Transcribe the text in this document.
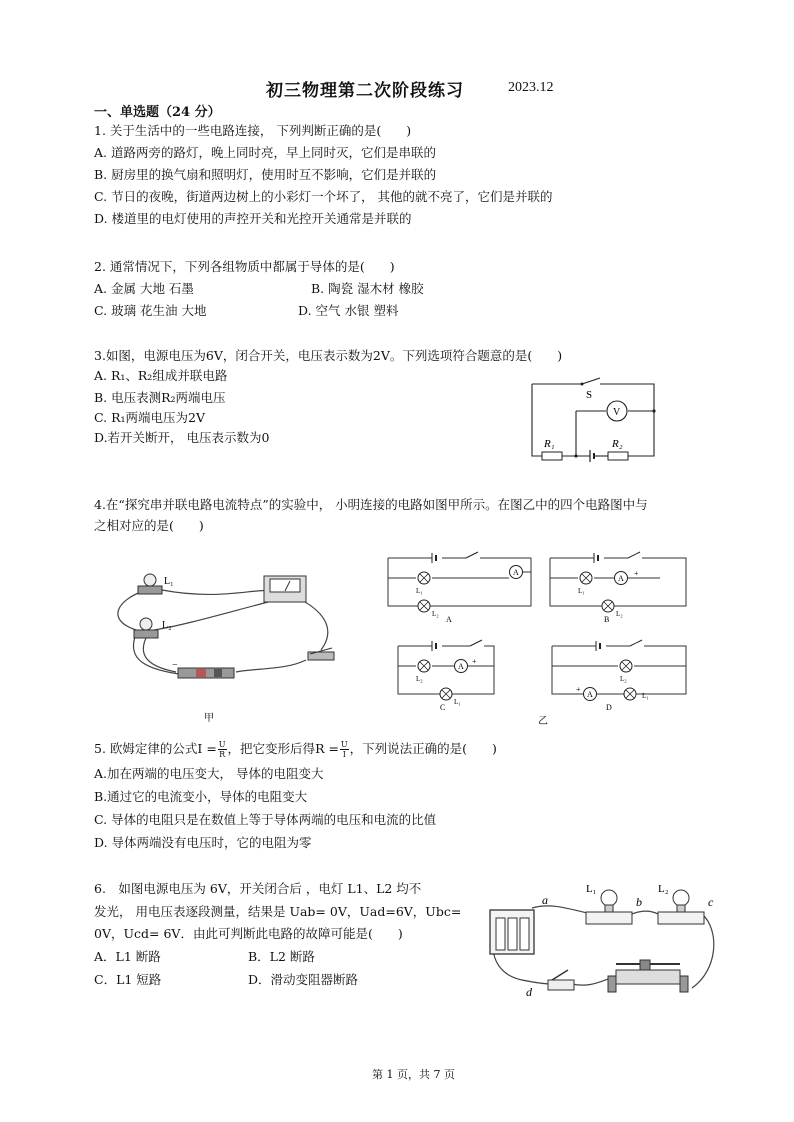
初三物理第二次阶段练习	2023.12
一、单选题（24 分）
1. 关于生活中的一些电路连接， 下列判断正确的是(　　)
A. 道路两旁的路灯，晚上同时亮，早上同时灭，它们是串联的
B. 厨房里的换气扇和照明灯，使用时互不影响，它们是并联的
C. 节日的夜晚，街道两边树上的小彩灯一个坏了， 其他的就不亮了，它们是并联的
D. 楼道里的电灯使用的声控开关和光控开关通常是并联的
2. 通常情况下，下列各组物质中都属于导体的是(　　)
A. 金属 大地 石墨	B. 陶瓷 湿木材 橡胶
C. 玻璃 花生油 大地	D. 空气 水银 塑料
3.如图，电源电压为6V，闭合开关，电压表示数为2V。下列选项符合题意的是(　　)
A. R₁、R₂组成并联电路
B. 电压表测R₂两端电压
C. R₁两端电压为2V
D.若开关断开， 电压表示数为0
S
V
R₁	R₂
4.在“探究串并联电路电流特点”的实验中， 小明连接的电路如图甲所示。在图乙中的四个电路图中与
之相对应的是(　　)
L₁
L₂
−
甲
A
L₁
L₂
A
A
+
L₁
L₂
B
A
+
L₂
L₁
C
A
+
L₂
L₁
D
乙
5. 欧姆定律的公式$I = \frac{U}{R}$ ，把它变形后得$R = \frac{U}{I}$ ，下列说法正确的是(　　)
A.加在两端的电压变大， 导体的电阻变大
B.通过它的电流变小，导体的电阻变大
C. 导体的电阻只是在数值上等于导体两端的电压和电流的比值
D. 导体两端没有电压时，它的电阻为零
6.　如图电源电压为 6V，开关闭合后 ，电灯 L1、L2 均不
发光， 用电压表逐段测量，结果是 Uab= 0V，Uad=6V，Ubc=
0V，Ucd= 6V．由此可判断此电路的故障可能是(　　)
A．L1 断路	B．L2 断路
C．L1 短路	D．滑动变阻器断路
a	b	c
d
L₁	L₂
第 1 页，共 7 页
